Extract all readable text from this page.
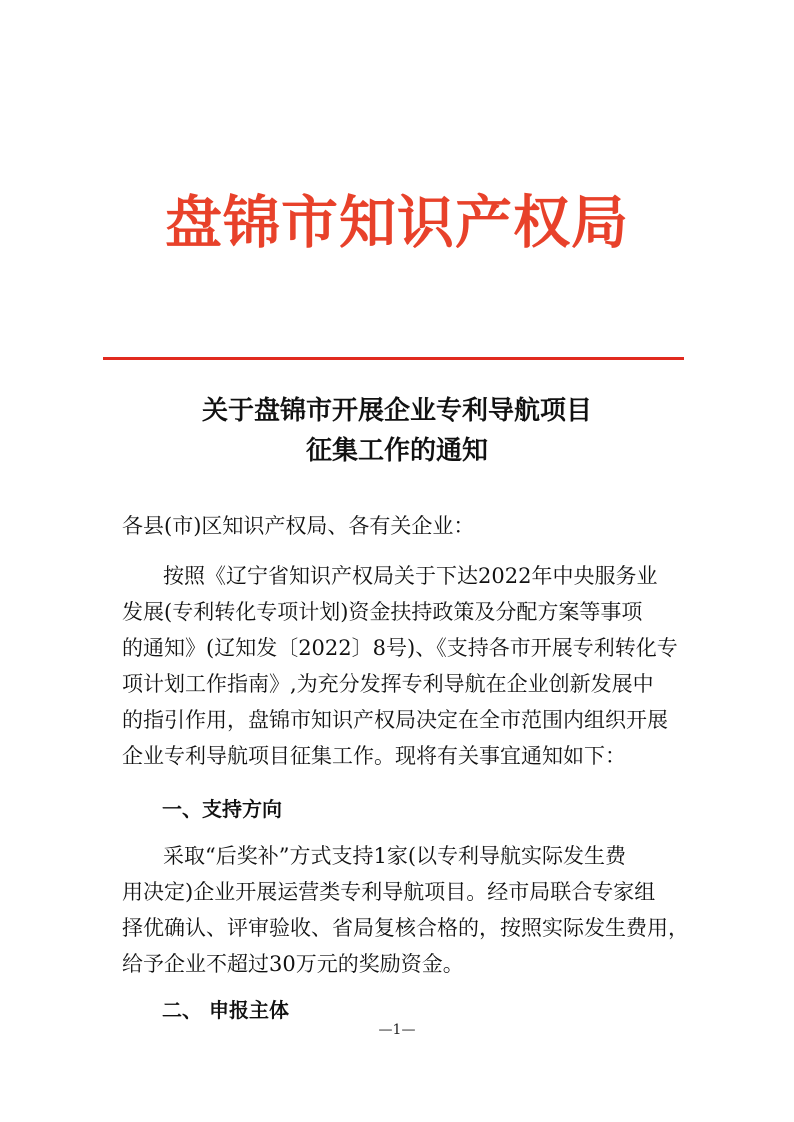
盘锦市知识产权局
关于盘锦市开展企业专利导航项目
征集工作的通知
各县(市)区知识产权局、各有关企业：
按照《辽宁省知识产权局关于下达2022年中央服务业
发展(专利转化专项计划)资金扶持政策及分配方案等事项
的通知》(辽知发〔2022〕8号)、《支持各市开展专利转化专
项计划工作指南》,为充分发挥专利导航在企业创新发展中
的指引作用，盘锦市知识产权局决定在全市范围内组织开展
企业专利导航项目征集工作。现将有关事宜通知如下：
一、支持方向
采取“后奖补”方式支持1家(以专利导航实际发生费
用决定)企业开展运营类专利导航项目。经市局联合专家组
择优确认、评审验收、省局复核合格的，按照实际发生费用，
给予企业不超过30万元的奖励资金。
二、 申报主体
—1—
